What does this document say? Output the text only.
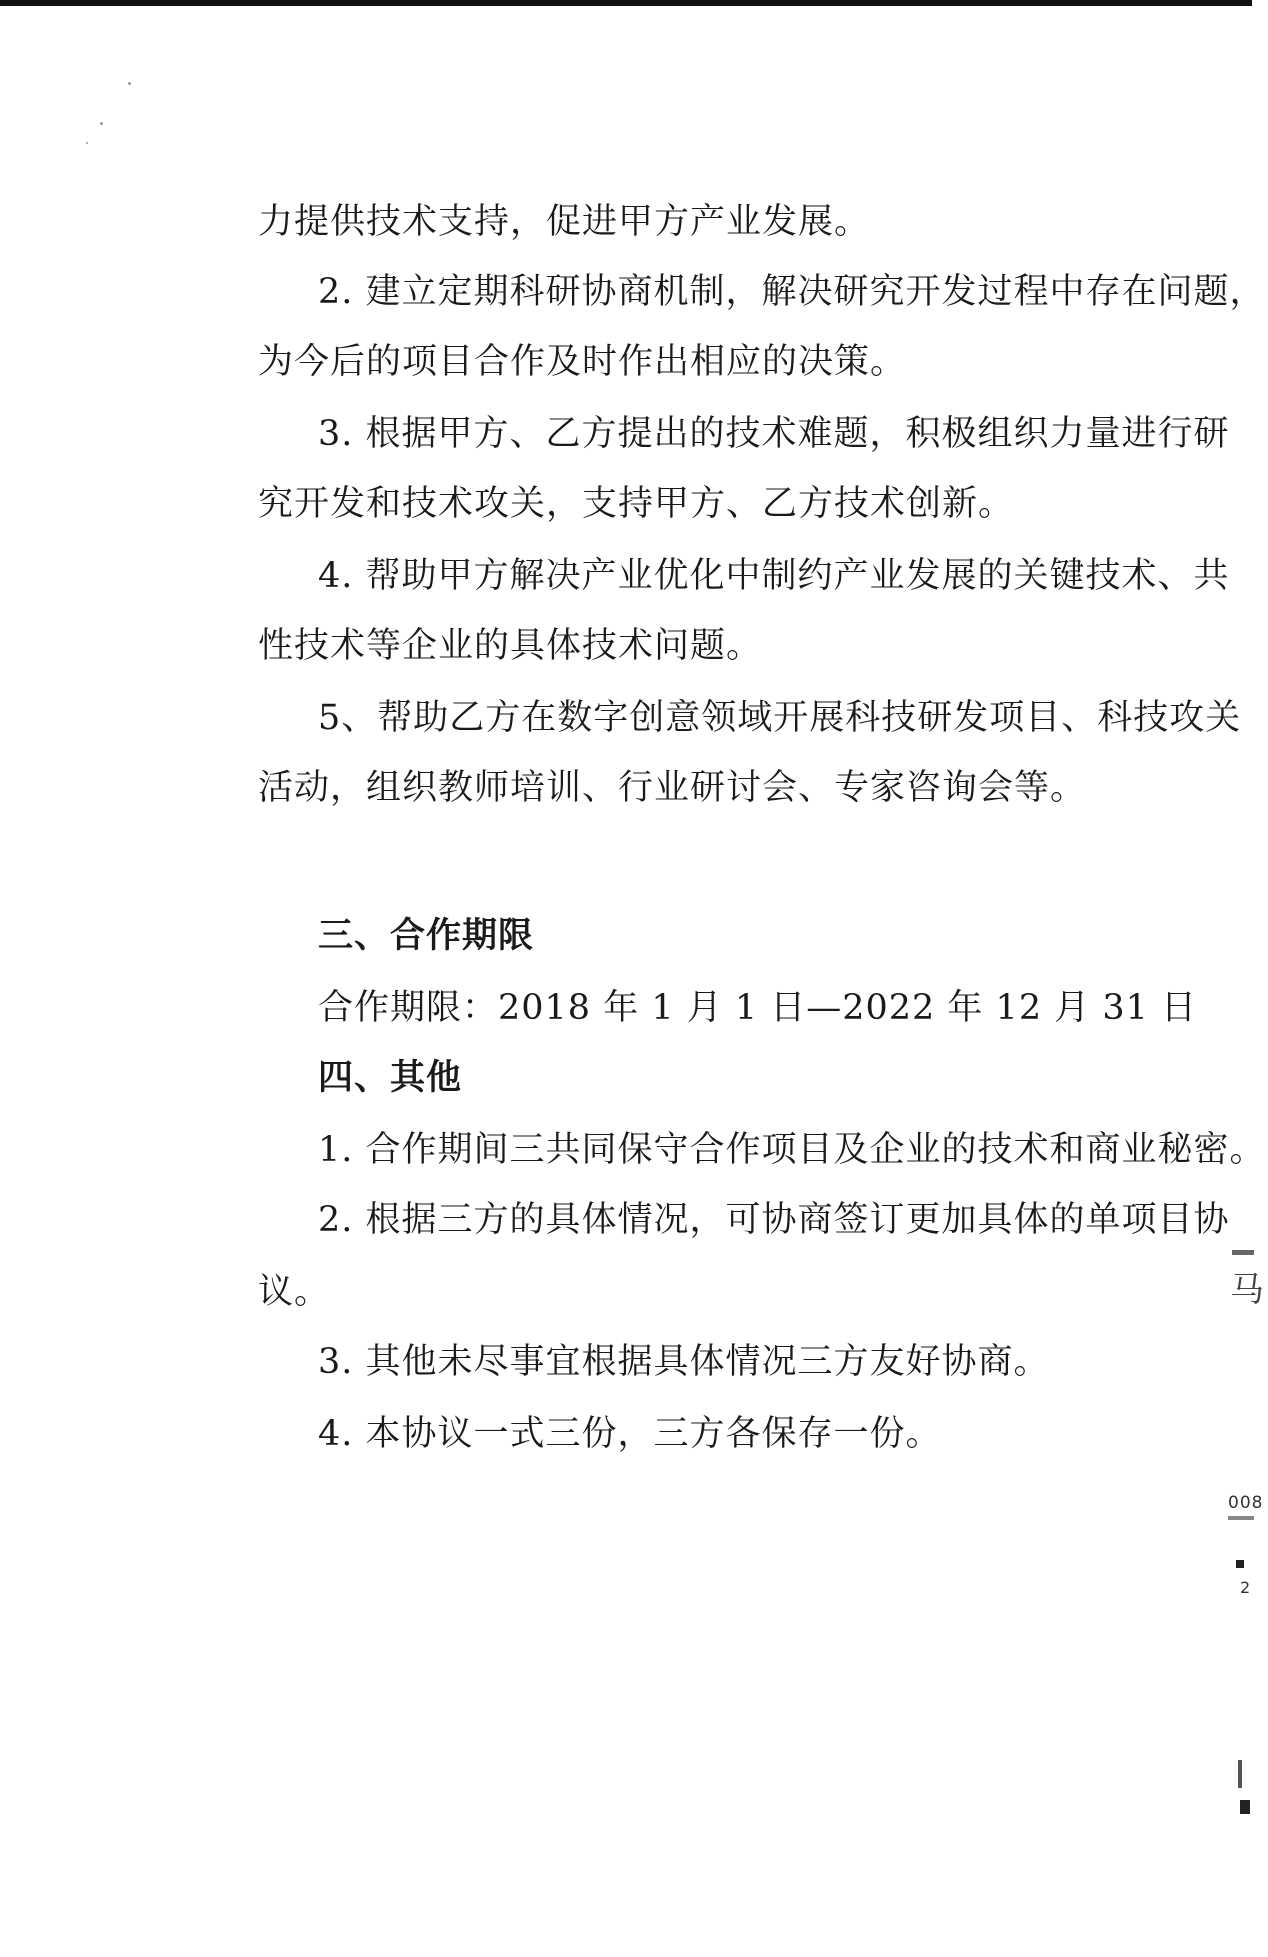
力提供技术支持，促进甲方产业发展。
2. 建立定期科研协商机制，解决研究开发过程中存在问题，
为今后的项目合作及时作出相应的决策。
3. 根据甲方、乙方提出的技术难题，积极组织力量进行研
究开发和技术攻关，支持甲方、乙方技术创新。
4. 帮助甲方解决产业优化中制约产业发展的关键技术、共
性技术等企业的具体技术问题。
5、帮助乙方在数字创意领域开展科技研发项目、科技攻关
活动，组织教师培训、行业研讨会、专家咨询会等。
三、合作期限
合作期限：2018 年 1 月 1 日—2022 年 12 月 31 日
四、其他
1. 合作期间三共同保守合作项目及企业的技术和商业秘密。
2. 根据三方的具体情况，可协商签订更加具体的单项目协
议。
3. 其他未尽事宜根据具体情况三方友好协商。
4. 本协议一式三份，三方各保存一份。
马
008
2
